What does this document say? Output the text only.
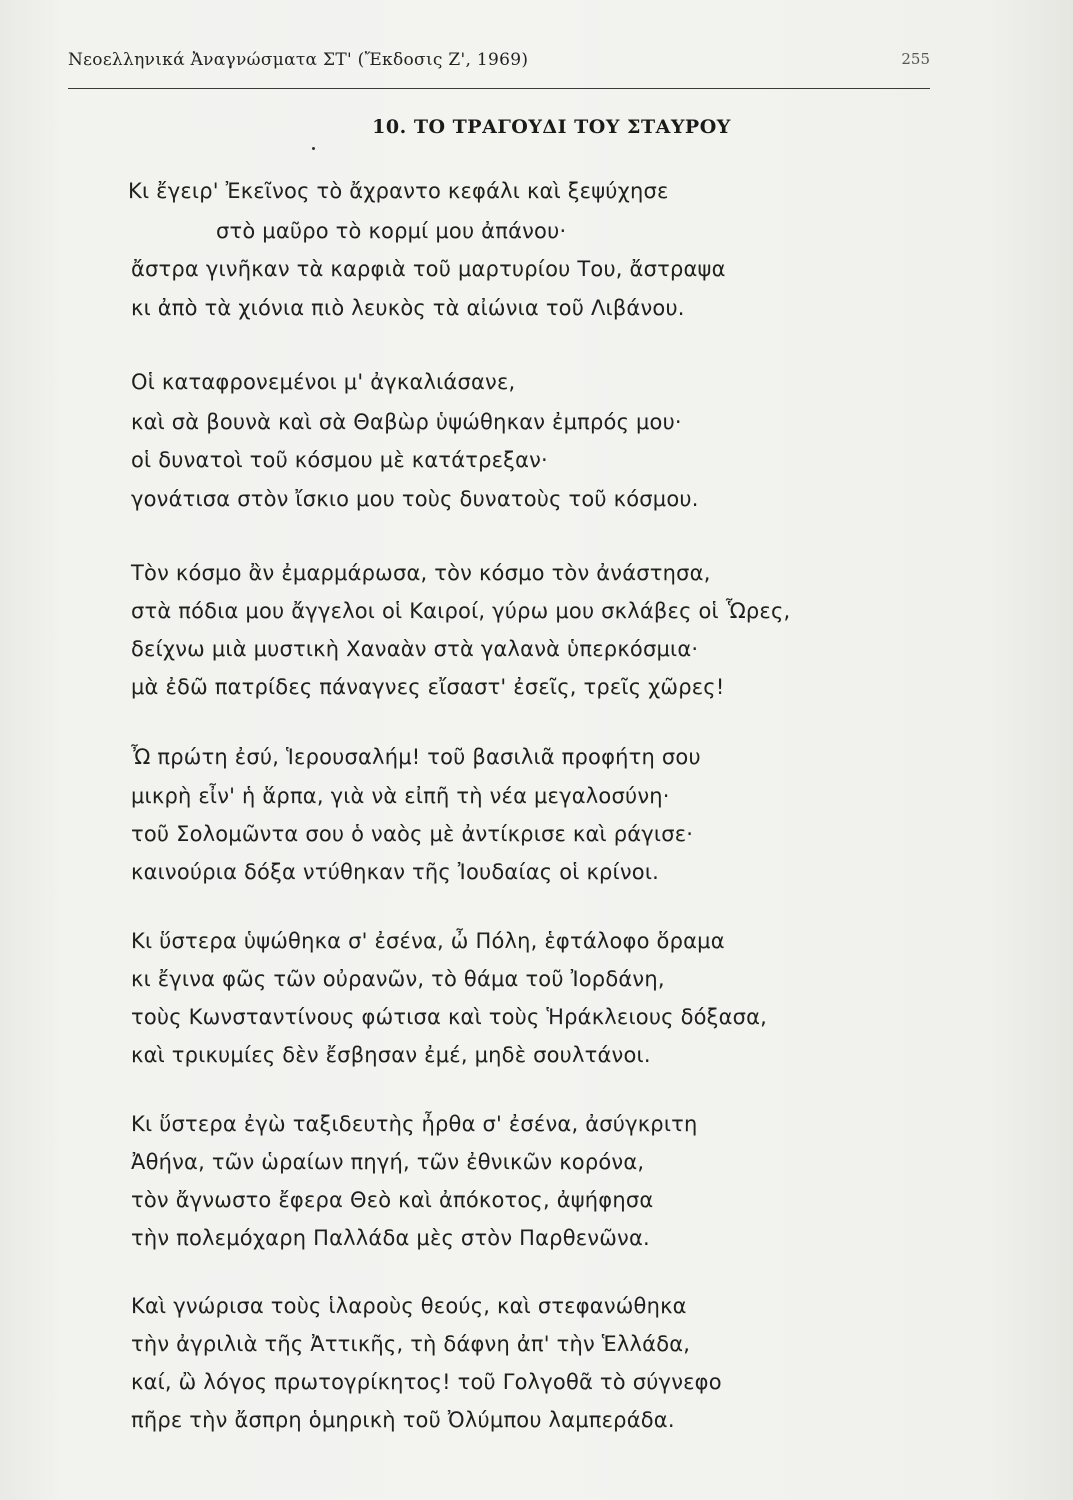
Νεοελληνικά Ἀναγνώσματα ΣΤ' (Ἔκδοσις Ζ', 1969)	255
10. ΤΟ ΤΡΑΓΟΥΔΙ ΤΟΥ ΣΤΑΥΡΟΥ
Κι ἔγειρ' Ἐκεῖνος τὸ ἄχραντο κεφάλι καὶ ξεψύχησε
στὸ μαῦρο τὸ κορμί μου ἀπάνου·
ἄστρα γινῆκαν τὰ καρφιὰ τοῦ μαρτυρίου Του, ἄστραψα
κι ἀπὸ τὰ χιόνια πιὸ λευκὸς τὰ αἰώνια τοῦ Λιβάνου.
Οἱ καταφρονεμένοι μ' ἀγκαλιάσανε,
καὶ σὰ βουνὰ καὶ σὰ Θαβὼρ ὑψώθηκαν ἐμπρός μου·
οἱ δυνατοὶ τοῦ κόσμου μὲ κατάτρεξαν·
γονάτισα στὸν ἴσκιο μου τοὺς δυνατοὺς τοῦ κόσμου.
Τὸν κόσμο ἂν ἐμαρμάρωσα, τὸν κόσμο τὸν ἀνάστησα,
στὰ πόδια μου ἄγγελοι οἱ Καιροί, γύρω μου σκλάβες οἱ Ὧρες,
δείχνω μιὰ μυστικὴ Χαναὰν στὰ γαλανὰ ὑπερκόσμια·
μὰ ἐδῶ πατρίδες πάναγνες εἴσαστ' ἐσεῖς, τρεῖς χῶρες!
Ὦ πρώτη ἐσύ, Ἱερουσαλήμ! τοῦ βασιλιᾶ προφήτη σου
μικρὴ εἶν' ἡ ἅρπα, γιὰ νὰ εἰπῆ τὴ νέα μεγαλοσύνη·
τοῦ Σολομῶντα σου ὁ ναὸς μὲ ἀντίκρισε καὶ ράγισε·
καινούρια δόξα ντύθηκαν τῆς Ἰουδαίας οἱ κρίνοι.
Κι ὕστερα ὑψώθηκα σ' ἐσένα, ὦ Πόλη, ἑφτάλοφο ὅραμα
κι ἔγινα φῶς τῶν οὐρανῶν, τὸ θάμα τοῦ Ἰορδάνη,
τοὺς Κωνσταντίνους φώτισα καὶ τοὺς Ἡράκλειους δόξασα,
καὶ τρικυμίες δὲν ἔσβησαν ἐμέ, μηδὲ σουλτάνοι.
Κι ὕστερα ἐγὼ ταξιδευτὴς ἦρθα σ' ἐσένα, ἀσύγκριτη
Ἀθήνα, τῶν ὡραίων πηγή, τῶν ἐθνικῶν κορόνα,
τὸν ἄγνωστο ἔφερα Θεὸ καὶ ἀπόκοτος, ἀψήφησα
τὴν πολεμόχαρη Παλλάδα μὲς στὸν Παρθενῶνα.
Καὶ γνώρισα τοὺς ἱλαροὺς θεούς, καὶ στεφανώθηκα
τὴν ἀγριλιὰ τῆς Ἀττικῆς, τὴ δάφνη ἀπ' τὴν Ἑλλάδα,
καί, ὢ λόγος πρωτογρίκητος! τοῦ Γολγοθᾶ τὸ σύγνεφο
πῆρε τὴν ἄσπρη ὁμηρικὴ τοῦ Ὀλύμπου λαμπεράδα.
